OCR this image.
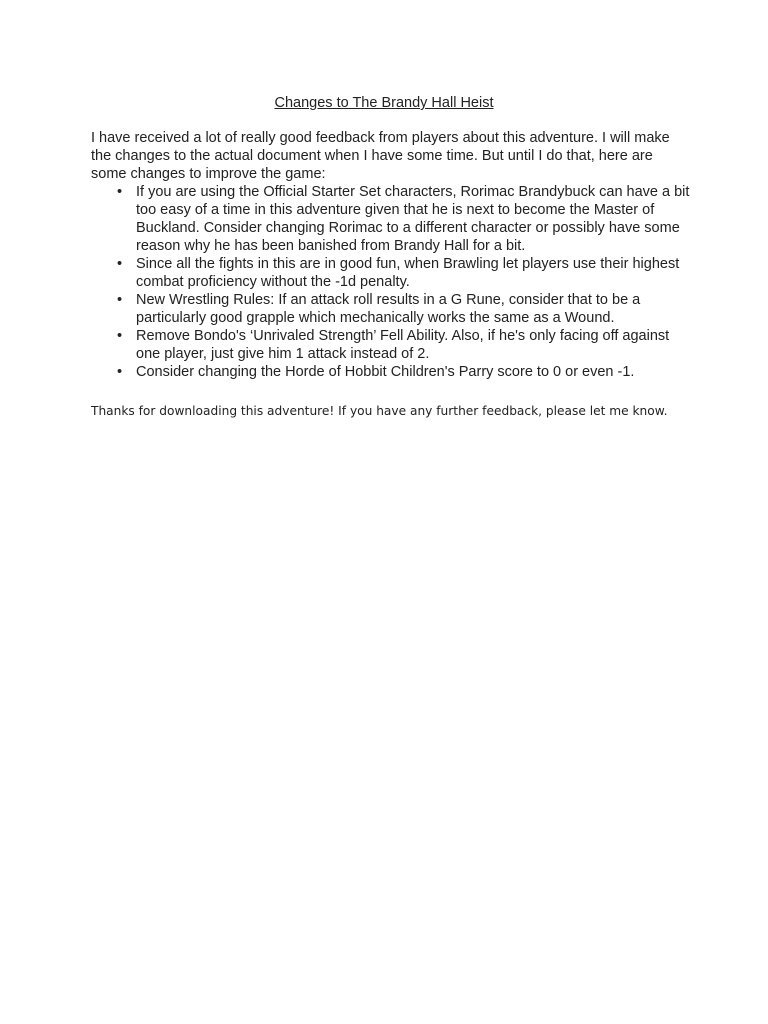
Changes to The Brandy Hall Heist

I have received a lot of really good feedback from players about this adventure. I will make the changes to the actual document when I have some time. But until I do that, here are some changes to improve the game:

• If you are using the Official Starter Set characters, Rorimac Brandybuck can have a bit too easy of a time in this adventure given that he is next to become the Master of Buckland. Consider changing Rorimac to a different character or possibly have some reason why he has been banished from Brandy Hall for a bit.
• Since all the fights in this are in good fun, when Brawling let players use their highest combat proficiency without the -1d penalty.
• New Wrestling Rules: If an attack roll results in a G Rune, consider that to be a particularly good grapple which mechanically works the same as a Wound.
• Remove Bondo's ‘Unrivaled Strength’ Fell Ability. Also, if he's only facing off against one player, just give him 1 attack instead of 2.
• Consider changing the Horde of Hobbit Children's Parry score to 0 or even -1.

Thanks for downloading this adventure! If you have any further feedback, please let me know.
